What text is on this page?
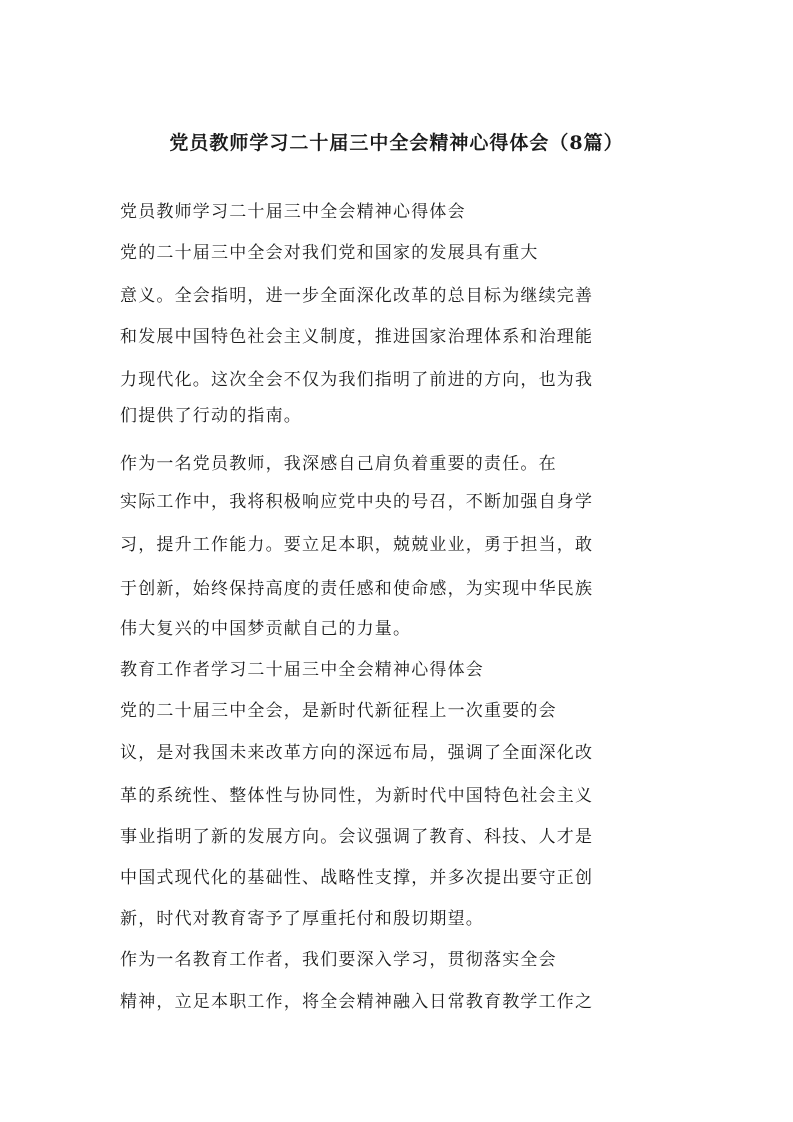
党员教师学习二十届三中全会精神心得体会（8篇）
党员教师学习二十届三中全会精神心得体会
党的二十届三中全会对我们党和国家的发展具有重大
意义。全会指明，进一步全面深化改革的总目标为继续完善
和发展中国特色社会主义制度，推进国家治理体系和治理能
力现代化。这次全会不仅为我们指明了前进的方向，也为我
们提供了行动的指南。
作为一名党员教师，我深感自己肩负着重要的责任。在
实际工作中，我将积极响应党中央的号召，不断加强自身学
习，提升工作能力。要立足本职，兢兢业业，勇于担当，敢
于创新，始终保持高度的责任感和使命感，为实现中华民族
伟大复兴的中国梦贡献自己的力量。
教育工作者学习二十届三中全会精神心得体会
党的二十届三中全会，是新时代新征程上一次重要的会
议，是对我国未来改革方向的深远布局，强调了全面深化改
革的系统性、整体性与协同性，为新时代中国特色社会主义
事业指明了新的发展方向。会议强调了教育、科技、人才是
中国式现代化的基础性、战略性支撑，并多次提出要守正创
新，时代对教育寄予了厚重托付和殷切期望。
作为一名教育工作者，我们要深入学习，贯彻落实全会
精神，立足本职工作，将全会精神融入日常教育教学工作之
